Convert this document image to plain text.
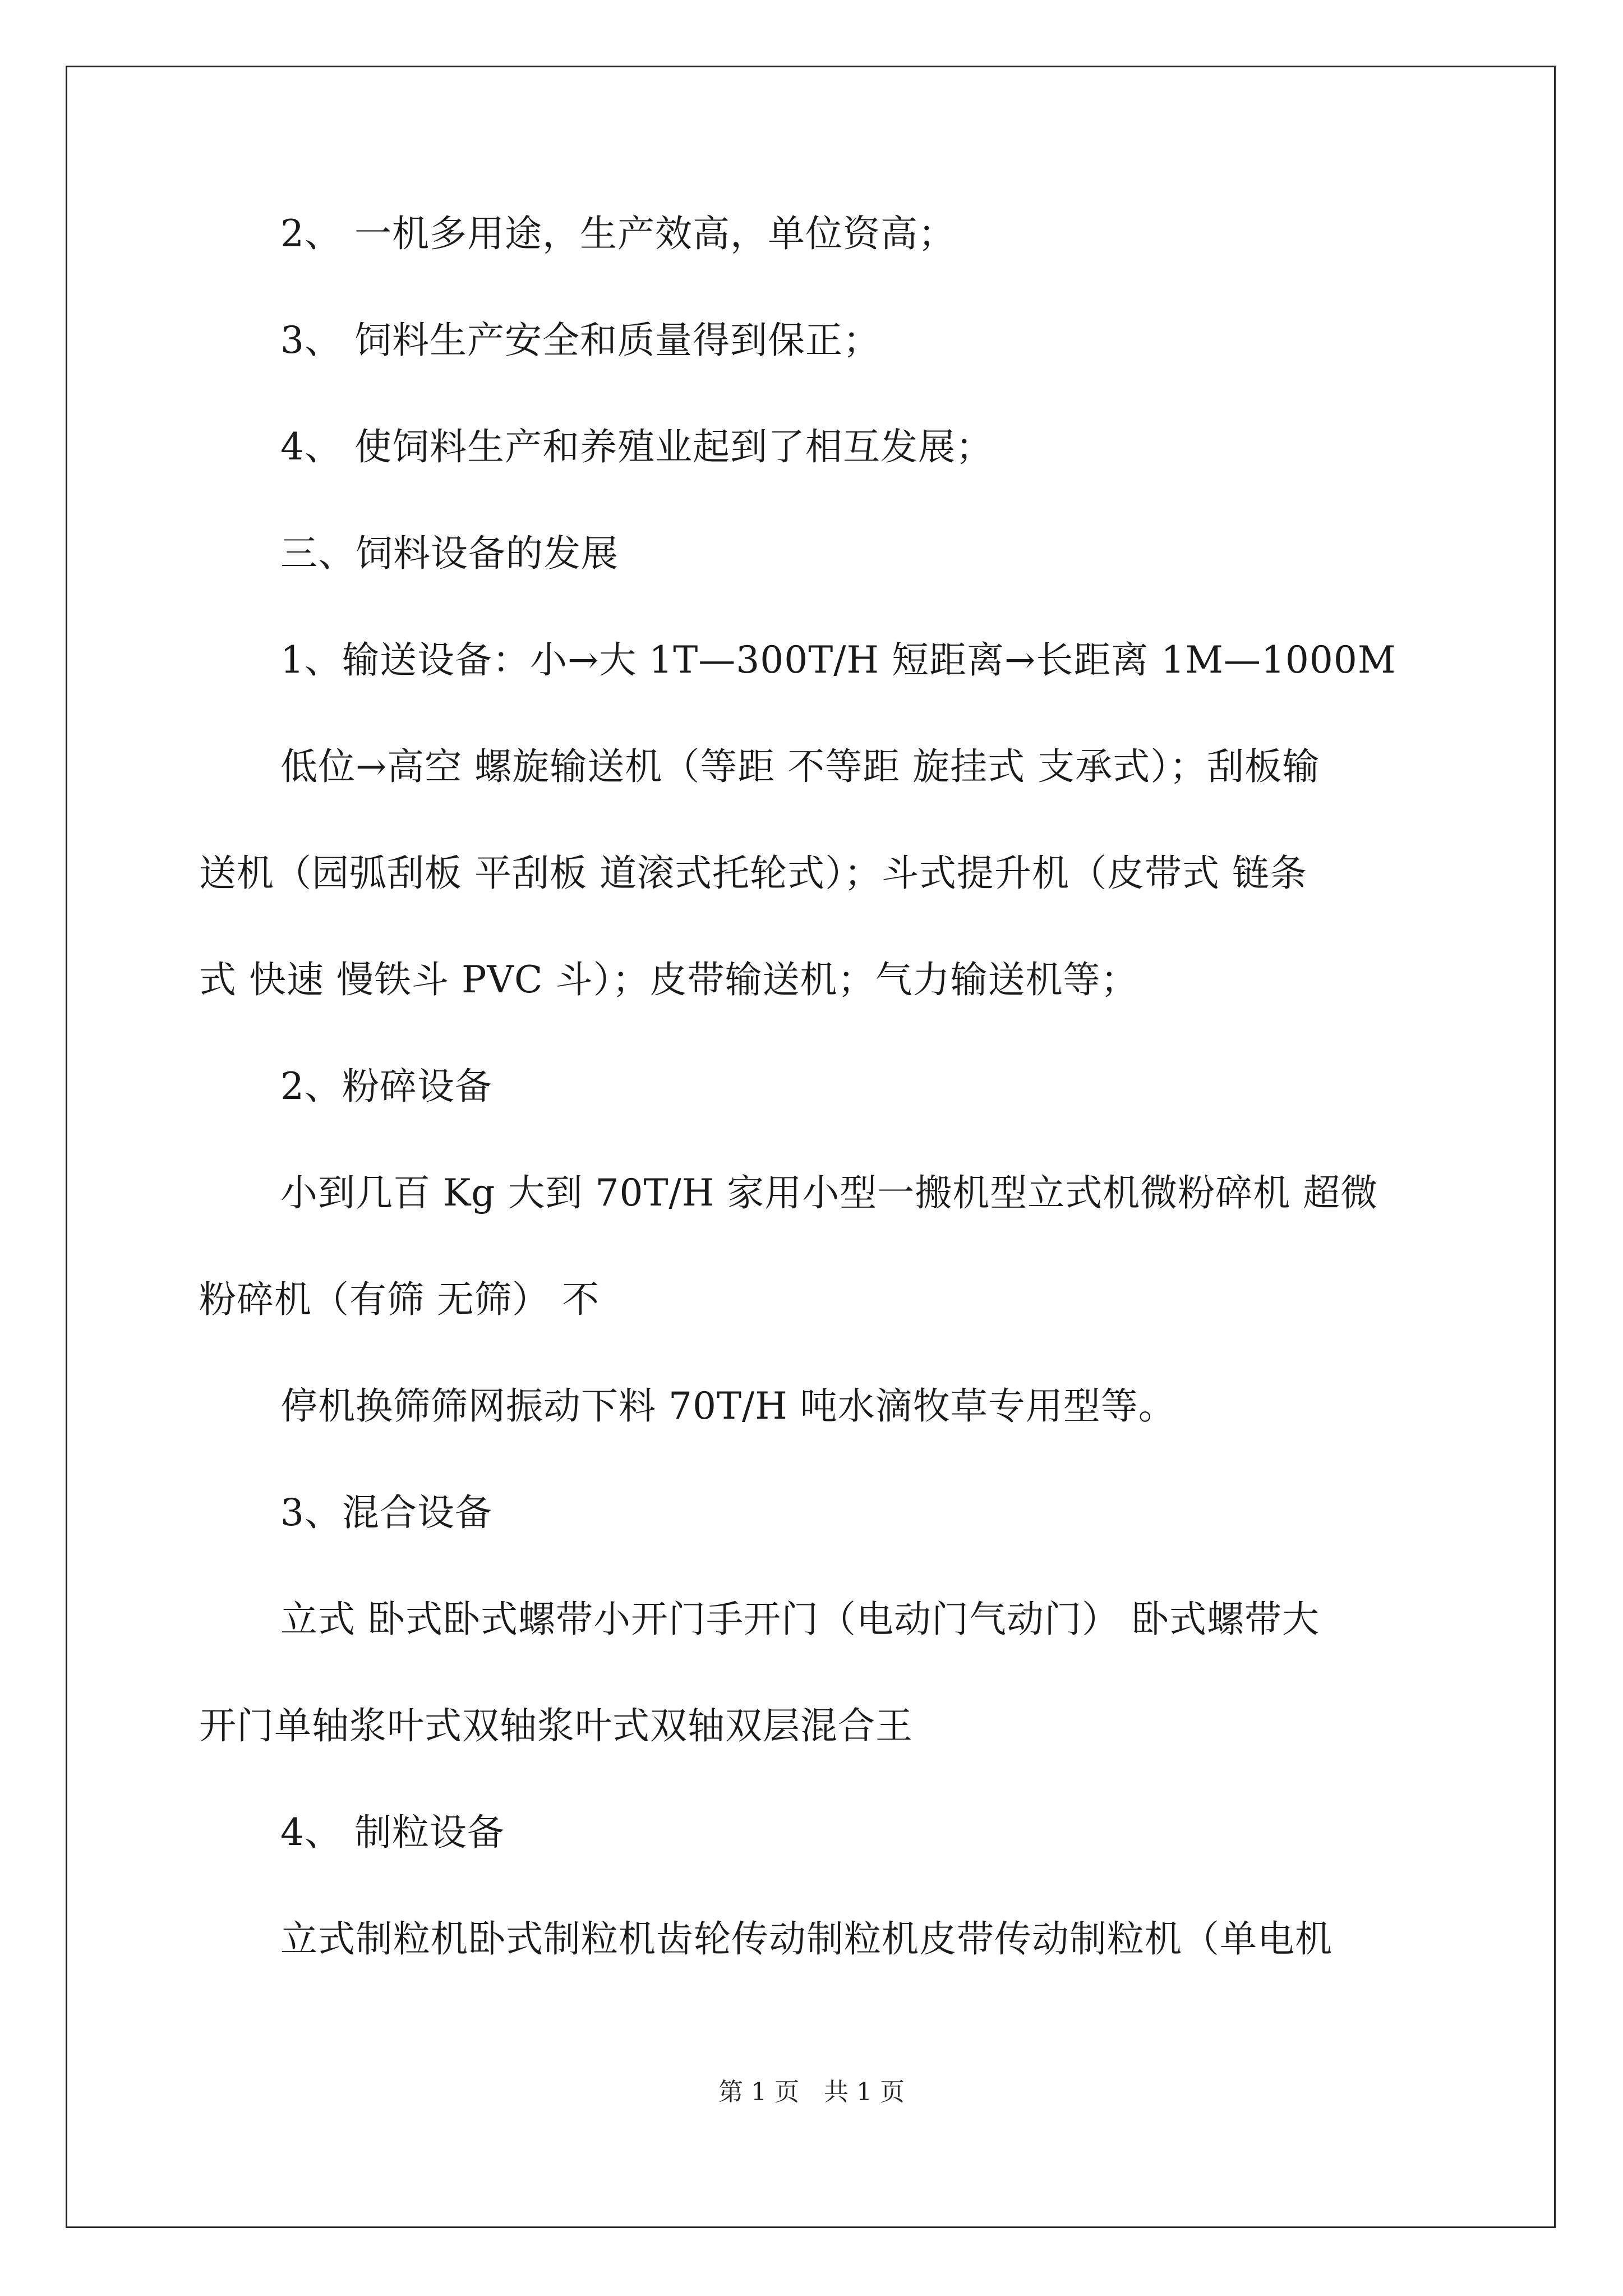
2、 一机多用途，生产效高，单位资高；
3、 饲料生产安全和质量得到保正；
4、 使饲料生产和养殖业起到了相互发展；
三、饲料设备的发展
1、输送设备：小→大 1T—300T/H 短距离→长距离 1M—1000M
低位→高空 螺旋输送机（等距 不等距 旋挂式 支承式）；刮板输
送机（园弧刮板 平刮板 道滚式托轮式）；斗式提升机（皮带式 链条
式 快速 慢铁斗 PVC 斗）；皮带输送机；气力输送机等；
2、粉碎设备
小到几百 Kg 大到 70T/H 家用小型一搬机型立式机微粉碎机 超微
粉碎机（有筛 无筛） 不
停机换筛筛网振动下料 70T/H 吨水滴牧草专用型等。
3、混合设备
立式 卧式卧式螺带小开门手开门（电动门气动门） 卧式螺带大
开门单轴浆叶式双轴浆叶式双轴双层混合王
4、 制粒设备
立式制粒机卧式制粒机齿轮传动制粒机皮带传动制粒机（单电机
第 1 页　共 1 页
